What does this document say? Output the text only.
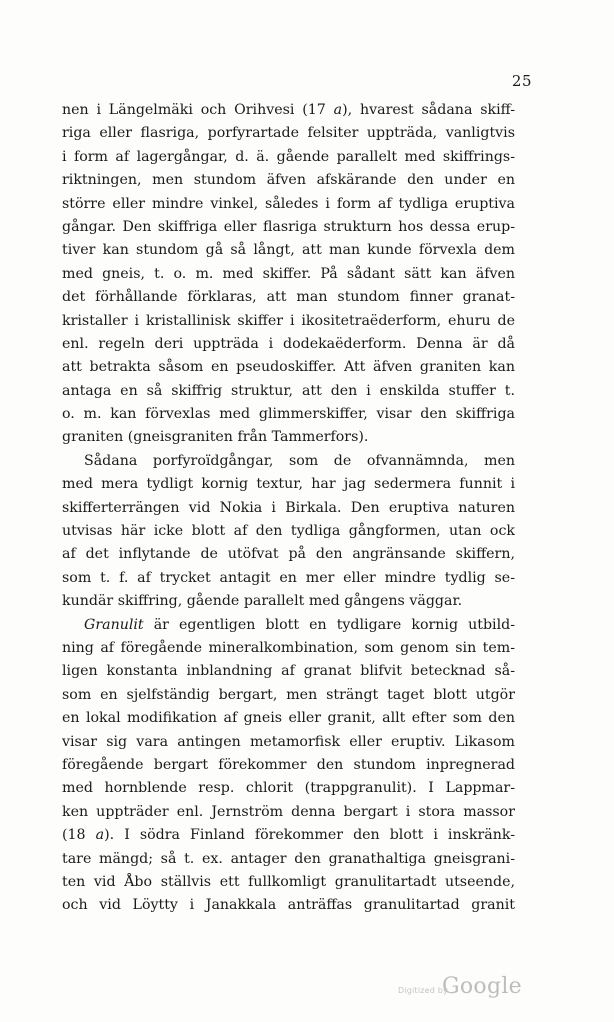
25
nen i Längelmäki och Orihvesi (17 a), hvarest sådana skiff-
riga eller flasriga, porfyrartade felsiter uppträda, vanligtvis
i form af lagergångar, d. ä. gående parallelt med skiffrings-
riktningen, men stundom äfven afskärande den under en
större eller mindre vinkel, således i form af tydliga eruptiva
gångar. Den skiffriga eller flasriga strukturn hos dessa erup-
tiver kan stundom gå så långt, att man kunde förvexla dem
med gneis, t. o. m. med skiffer. På sådant sätt kan äfven
det förhållande förklaras, att man stundom finner granat-
kristaller i kristallinisk skiffer i ikositetraëderform, ehuru de
enl. regeln deri uppträda i dodekaëderform. Denna är då
att betrakta såsom en pseudoskiffer. Att äfven graniten kan
antaga en så skiffrig struktur, att den i enskilda stuffer t.
o. m. kan förvexlas med glimmerskiffer, visar den skiffriga
graniten (gneisgraniten från Tammerfors).
Sådana porfyroïdgångar, som de ofvannämnda, men
med mera tydligt kornig textur, har jag sedermera funnit i
skifferterrängen vid Nokia i Birkala. Den eruptiva naturen
utvisas här icke blott af den tydliga gångformen, utan ock
af det inflytande de utöfvat på den angränsande skiffern,
som t. f. af trycket antagit en mer eller mindre tydlig se-
kundär skiffring, gående parallelt med gångens väggar.
Granulit är egentligen blott en tydligare kornig utbild-
ning af föregående mineralkombination, som genom sin tem-
ligen konstanta inblandning af granat blifvit betecknad så-
som en sjelfständig bergart, men strängt taget blott utgör
en lokal modifikation af gneis eller granit, allt efter som den
visar sig vara antingen metamorfisk eller eruptiv. Likasom
föregående bergart förekommer den stundom inpregnerad
med hornblende resp. chlorit (trappgranulit). I Lappmar-
ken uppträder enl. Jernström denna bergart i stora massor
(18 a). I södra Finland förekommer den blott i inskränk-
tare mängd; så t. ex. antager den granathaltiga gneisgrani-
ten vid Åbo ställvis ett fullkomligt granulitartadt utseende,
och vid Löytty i Janakkala anträffas granulitartad granit
Digitized by
Google
